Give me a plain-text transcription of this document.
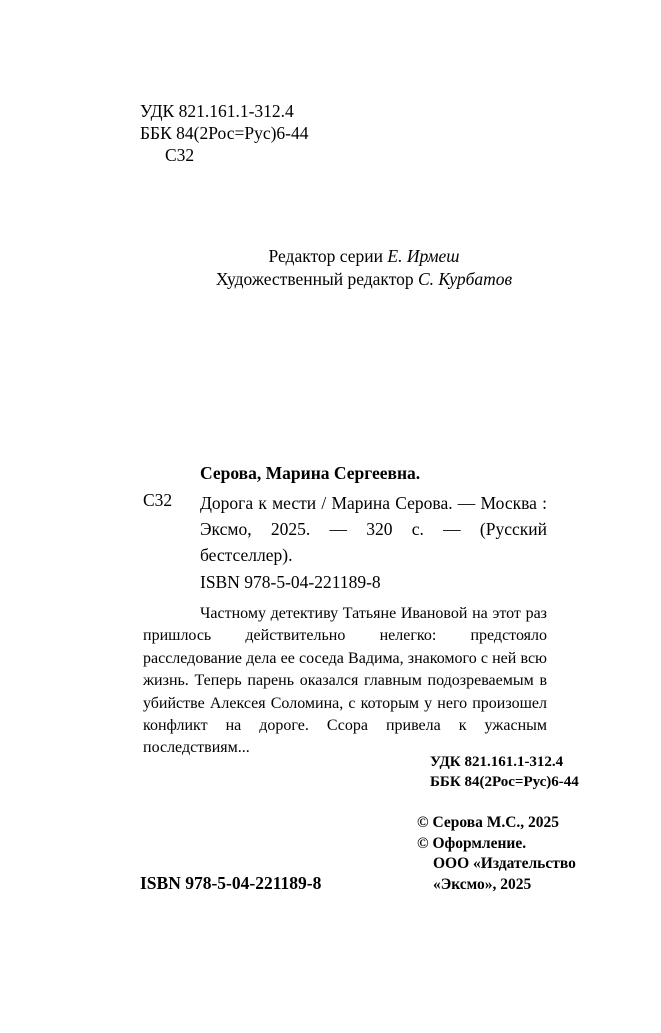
УДК 821.161.1-312.4
ББК 84(2Рос=Рус)6-44
С32
Редактор серии Е. Ирмеш
Художественный редактор С. Курбатов
Серова, Марина Сергеевна.
С32 Дорога к мести / Марина Серова. — Москва : Эксмо, 2025. — 320 с. — (Русский бестселлер).
ISBN 978-5-04-221189-8
Частному детективу Татьяне Ивановой на этот раз пришлось действительно нелегко: предстояло расследование дела ее соседа Вадима, знакомого с ней всю жизнь. Теперь парень оказался главным подозреваемым в убийстве Алексея Соломина, с которым у него произошел конфликт на дороге. Ссора привела к ужасным последствиям...
УДК 821.161.1-312.4
ББК 84(2Рос=Рус)6-44
© Серова М.С., 2025
© Оформление.
ООО «Издательство
«Эксмо», 2025
ISBN 978-5-04-221189-8
